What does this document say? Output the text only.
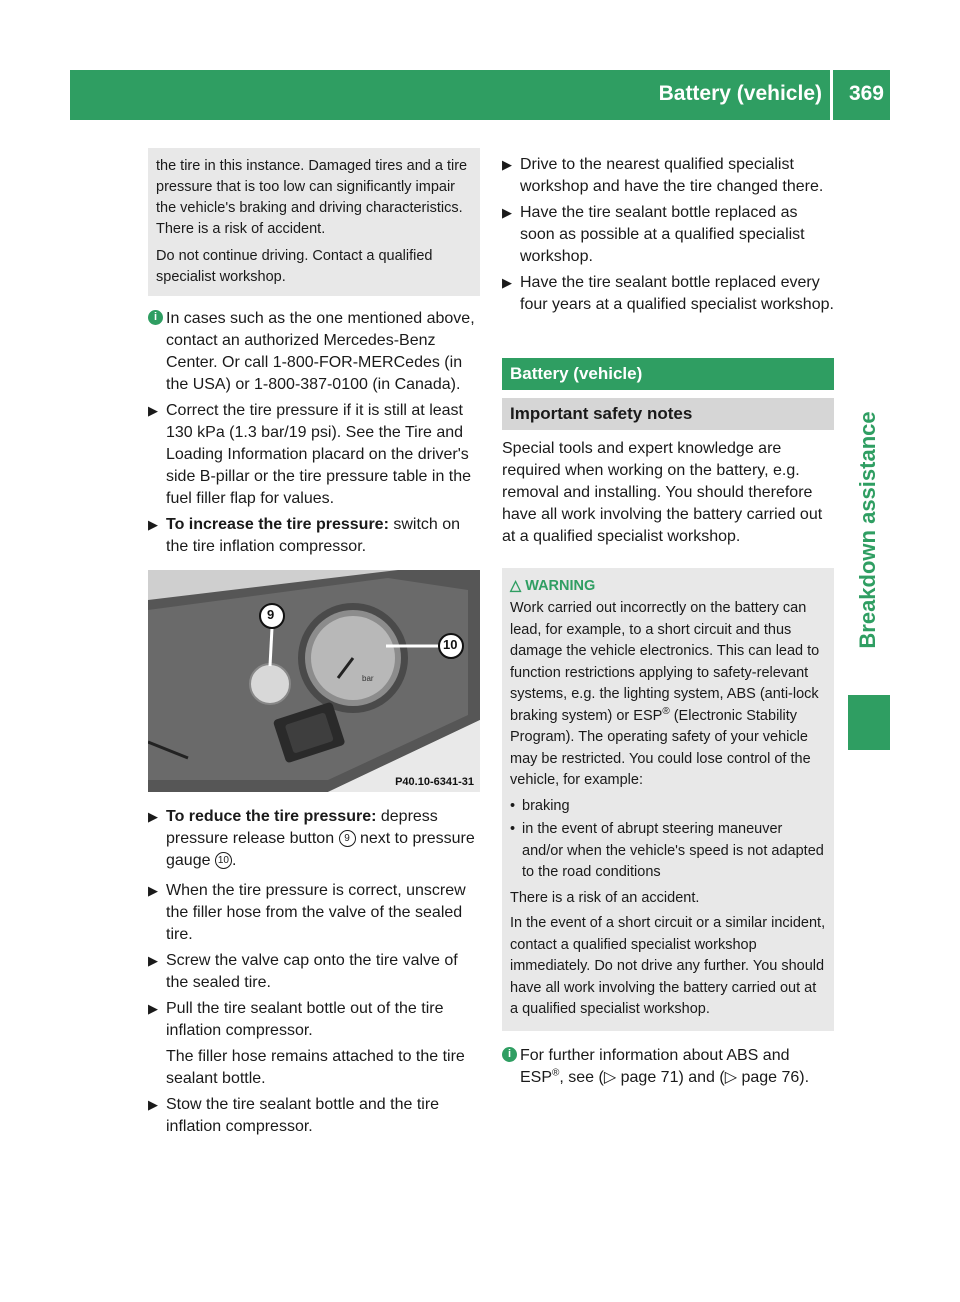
Battery (vehicle) 369
Breakdown assistance

the tire in this instance. Damaged tires and a tire pressure that is too low can significantly impair the vehicle's braking and driving characteristics. There is a risk of accident.

Do not continue driving. Contact a qualified specialist workshop.

i In cases such as the one mentioned above, contact an authorized Mercedes-Benz Center. Or call 1-800-FOR-MERCedes (in the USA) or 1-800-387-0100 (in Canada).

▶ Correct the tire pressure if it is still at least 130 kPa (1.3 bar/19 psi). See the Tire and Loading Information placard on the driver's side B-pillar or the tire pressure table in the fuel filler flap for values.

▶ To increase the tire pressure: switch on the tire inflation compressor.

9
10
bar
P40.10-6341-31
▶ To reduce the tire pressure: depress pressure release button 9 next to pressure gauge 10 .

▶ When the tire pressure is correct, unscrew the filler hose from the valve of the sealed tire.

▶ Screw the valve cap onto the tire valve of the sealed tire.

▶ Pull the tire sealant bottle out of the tire inflation compressor.

The filler hose remains attached to the tire sealant bottle.

▶ Stow the tire sealant bottle and the tire inflation compressor.

▶ Drive to the nearest qualified specialist workshop and have the tire changed there.

▶ Have the tire sealant bottle replaced as soon as possible at a qualified specialist workshop.

▶ Have the tire sealant bottle replaced every four years at a qualified specialist workshop.

Battery (vehicle)
Important safety notes

Special tools and expert knowledge are required when working on the battery, e.g. removal and installing. You should therefore have all work involving the battery carried out at a qualified specialist workshop.

△ WARNING

Work carried out incorrectly on the battery can lead, for example, to a short circuit and thus damage the vehicle electronics. This can lead to function restrictions applying to safety-relevant systems, e.g. the lighting system, ABS (anti-lock braking system) or ESP® (Electronic Stability Program). The operating safety of your vehicle may be restricted. You could lose control of the vehicle, for example:

• braking

• in the event of abrupt steering maneuver and/or when the vehicle's speed is not adapted to the road conditions

There is a risk of an accident.

In the event of a short circuit or a similar incident, contact a qualified specialist workshop immediately. Do not drive any further. You should have all work involving the battery carried out at a qualified specialist workshop.

i For further information about ABS and ESP®, see (▷ page 71) and (▷ page 76).
